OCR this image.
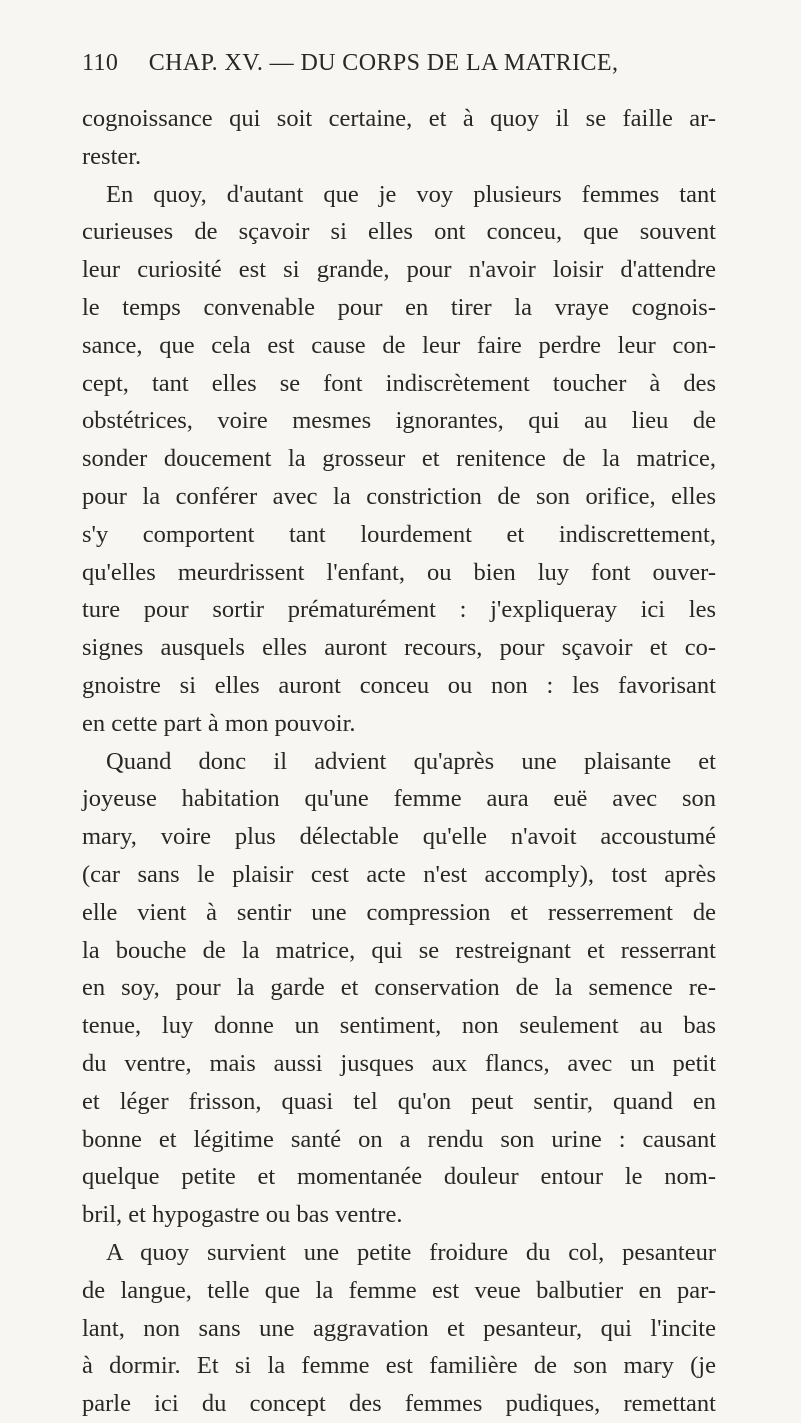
110 CHAP. XV. — DU CORPS DE LA MATRICE,
cognoissance qui soit certaine, et à quoy il se faille ar-
rester.
En quoy, d'autant que je voy plusieurs femmes tant
curieuses de sçavoir si elles ont conceu, que souvent
leur curiosité est si grande, pour n'avoir loisir d'attendre
le temps convenable pour en tirer la vraye cognois-
sance, que cela est cause de leur faire perdre leur con-
cept, tant elles se font indiscrètement toucher à des
obstétrices, voire mesmes ignorantes, qui au lieu de
sonder doucement la grosseur et renitence de la matrice,
pour la conférer avec la constriction de son orifice, elles
s'y comportent tant lourdement et indiscrettement,
qu'elles meurdrissent l'enfant, ou bien luy font ouver-
ture pour sortir prématurément : j'expliqueray ici les
signes ausquels elles auront recours, pour sçavoir et co-
gnoistre si elles auront conceu ou non : les favorisant
en cette part à mon pouvoir.
Quand donc il advient qu'après une plaisante et
joyeuse habitation qu'une femme aura euë avec son
mary, voire plus délectable qu'elle n'avoit accoustumé
(car sans le plaisir cest acte n'est accomply), tost après
elle vient à sentir une compression et resserrement de
la bouche de la matrice, qui se restreignant et resserrant
en soy, pour la garde et conservation de la semence re-
tenue, luy donne un sentiment, non seulement au bas
du ventre, mais aussi jusques aux flancs, avec un petit
et léger frisson, quasi tel qu'on peut sentir, quand en
bonne et légitime santé on a rendu son urine : causant
quelque petite et momentanée douleur entour le nom-
bril, et hypogastre ou bas ventre.
A quoy survient une petite froidure du col, pesanteur
de langue, telle que la femme est veue balbutier en par-
lant, non sans une aggravation et pesanteur, qui l'incite
à dormir. Et si la femme est familière de son mary (je
parle ici du concept des femmes pudiques, remettant
